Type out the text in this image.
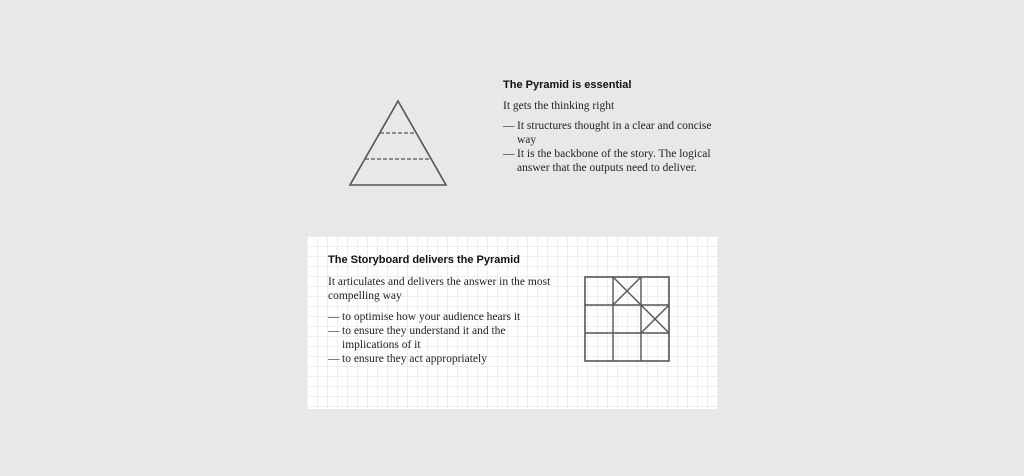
The Pyramid is essential
It gets the thinking right
— It structures thought in a clear and concise way
— It is the backbone of the story. The logical answer that the outputs need to deliver.
The Storyboard delivers the Pyramid
It articulates and delivers the answer in the most compelling way
— to optimise how your audience hears it
— to ensure they understand it and the implications of it
— to ensure they act appropriately
